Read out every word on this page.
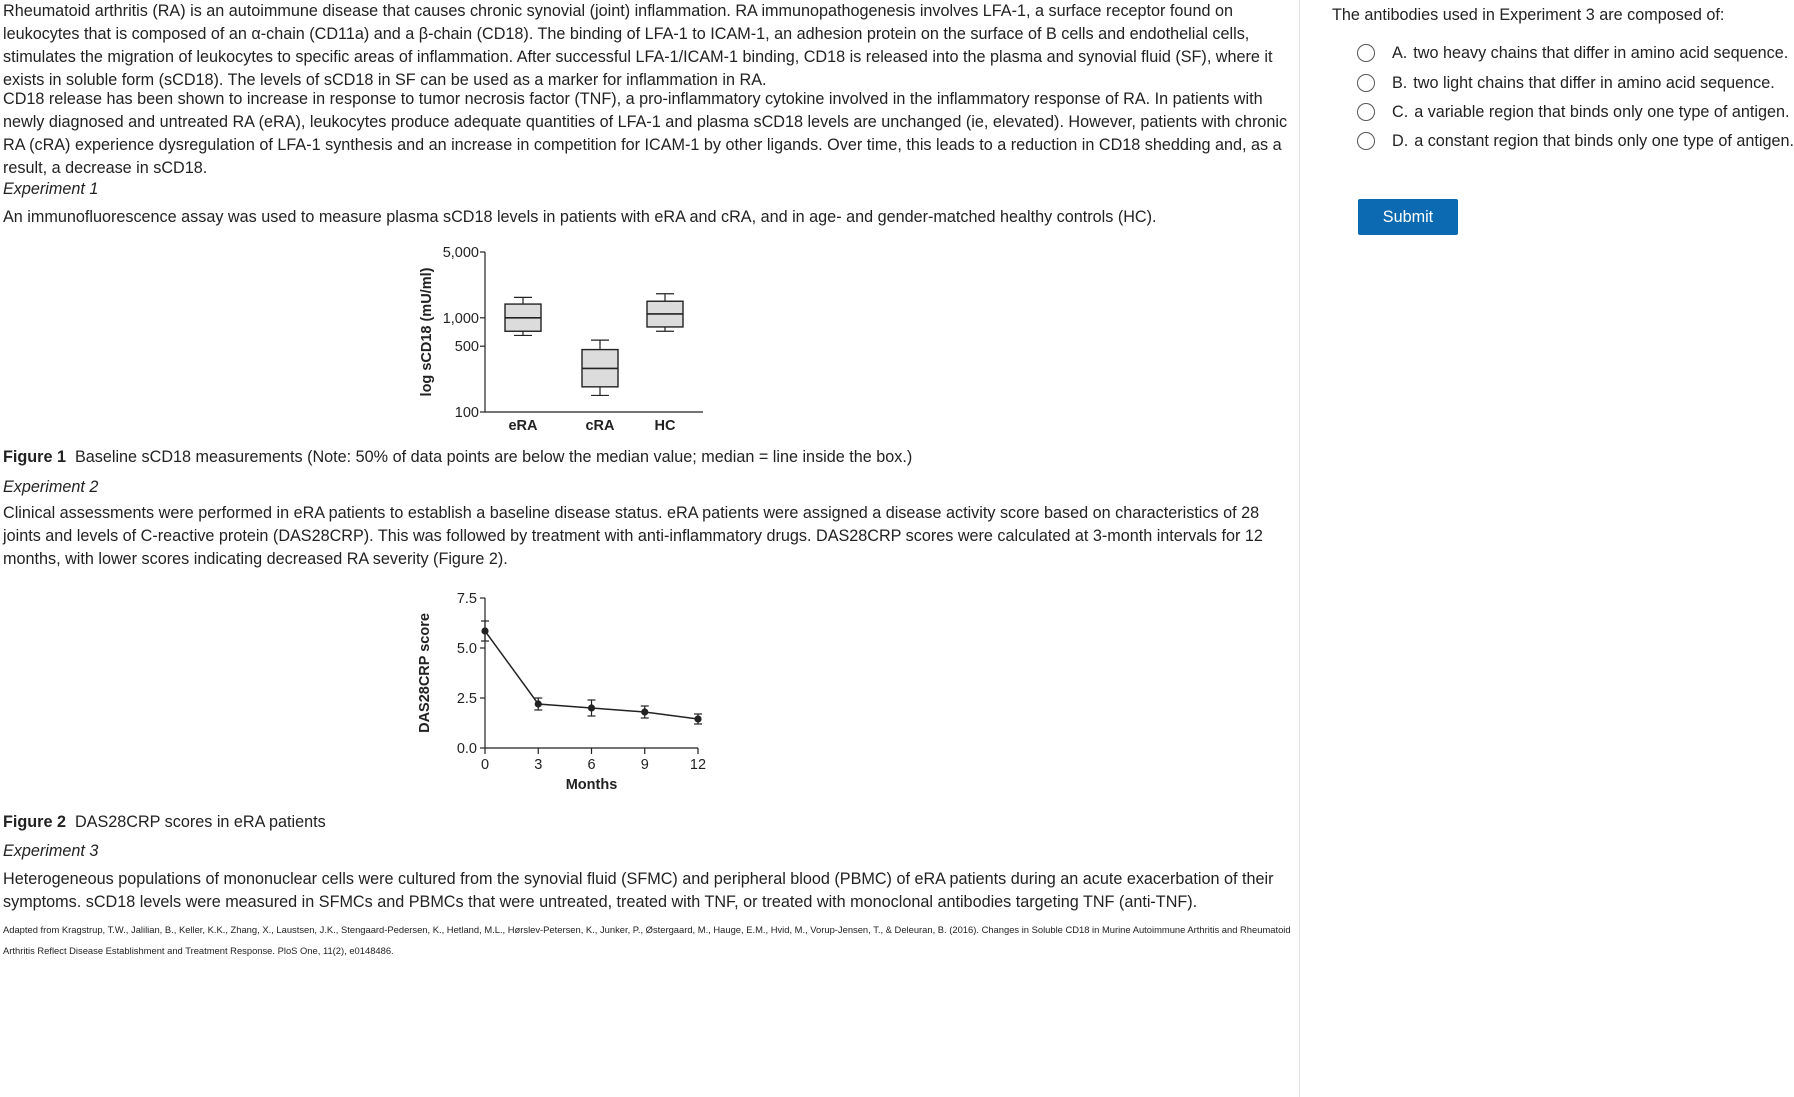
Rheumatoid arthritis (RA) is an autoimmune disease that causes chronic synovial (joint) inflammation. RA immunopathogenesis involves LFA-1, a surface receptor found on leukocytes that is composed of an α-chain (CD11a) and a β-chain (CD18). The binding of LFA-1 to ICAM-1, an adhesion protein on the surface of B cells and endothelial cells, stimulates the migration of leukocytes to specific areas of inflammation. After successful LFA-1/ICAM-1 binding, CD18 is released into the plasma and synovial fluid (SF), where it exists in soluble form (sCD18). The levels of sCD18 in SF can be used as a marker for inflammation in RA.

CD18 release has been shown to increase in response to tumor necrosis factor (TNF), a pro-inflammatory cytokine involved in the inflammatory response of RA. In patients with newly diagnosed and untreated RA (eRA), leukocytes produce adequate quantities of LFA-1 and plasma sCD18 levels are unchanged (ie, elevated). However, patients with chronic RA (cRA) experience dysregulation of LFA-1 synthesis and an increase in competition for ICAM-1 by other ligands. Over time, this leads to a reduction in CD18 shedding and, as a result, a decrease in sCD18.

Experiment 1

An immunofluorescence assay was used to measure plasma sCD18 levels in patients with eRA and cRA, and in age- and gender-matched healthy controls (HC).

100
500
1,000
5,000
log sCD18 (mU/ml)
eRA	cRA	HC

Figure 1 Baseline sCD18 measurements (Note: 50% of data points are below the median value; median = line inside the box.)

Experiment 2

Clinical assessments were performed in eRA patients to establish a baseline disease status. eRA patients were assigned a disease activity score based on characteristics of 28 joints and levels of C-reactive protein (DAS28CRP). This was followed by treatment with anti-inflammatory drugs. DAS28CRP scores were calculated at 3-month intervals for 12 months, with lower scores indicating decreased RA severity (Figure 2).

0.0
2.5
5.0
7.5
0	3	6	9	12
Months
DAS28CRP score

Figure 2 DAS28CRP scores in eRA patients

Experiment 3

Heterogeneous populations of mononuclear cells were cultured from the synovial fluid (SFMC) and peripheral blood (PBMC) of eRA patients during an acute exacerbation of their symptoms. sCD18 levels were measured in SFMCs and PBMCs that were untreated, treated with TNF, or treated with monoclonal antibodies targeting TNF (anti-TNF).

Adapted from Kragstrup, T.W., Jalilian, B., Keller, K.K., Zhang, X., Laustsen, J.K., Stengaard-Pedersen, K., Hetland, M.L., Hørslev-Petersen, K., Junker, P., Østergaard, M., Hauge, E.M., Hvid, M., Vorup-Jensen, T., & Deleuran, B. (2016). Changes in Soluble CD18 in Murine Autoimmune Arthritis and Rheumatoid Arthritis Reflect Disease Establishment and Treatment Response. PloS One, 11(2), e0148486.

The antibodies used in Experiment 3 are composed of:

A. two heavy chains that differ in amino acid sequence.
B. two light chains that differ in amino acid sequence.
C. a variable region that binds only one type of antigen.
D. a constant region that binds only one type of antigen.
Submit
